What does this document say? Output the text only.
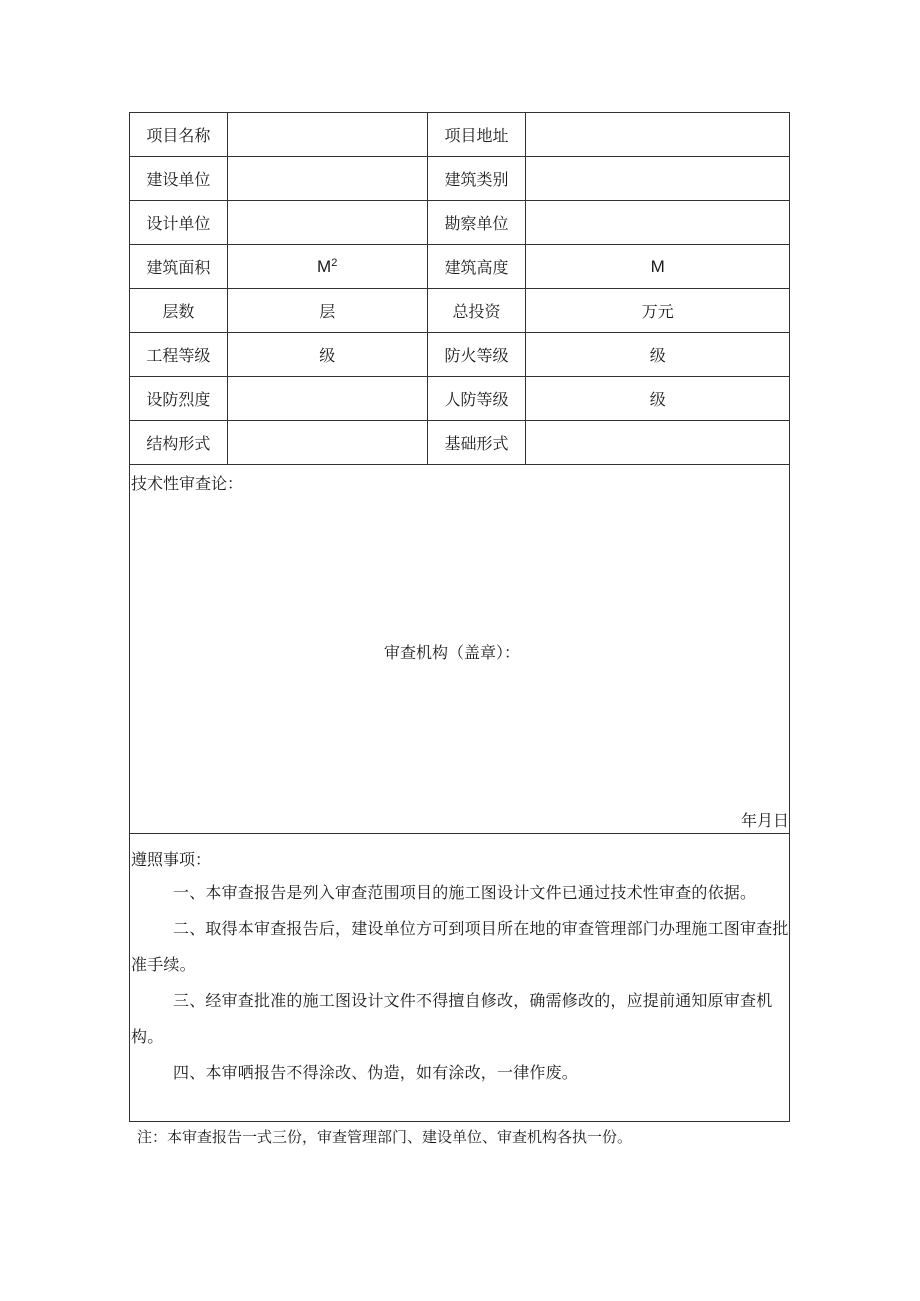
项目名称		项目地址	
建设单位		建筑类别	
设计单位		勘察单位	
建筑面积	$M^2$	建筑高度	M
层数	层	总投资	万元
工程等级	级	防火等级	级
设防烈度		人防等级	级
结构形式		基础形式	
技术性审查论：
审查机构（盖章）：
年月日
遵照事项：
一、本审查报告是列入审查范围项目的施工图设计文件已通过技术性审查的依据。
二、取得本审查报告后，建设单位方可到项目所在地的审查管理部门办理施工图审查批准手续。
三、经审查批准的施工图设计文件不得擅自修改，确需修改的，应提前通知原审查机构。
四、本审哂报告不得涂改、伪造，如有涂改，一律作废。
注：本审查报告一式三份，审查管理部门、建设单位、审查机构各执一份。
